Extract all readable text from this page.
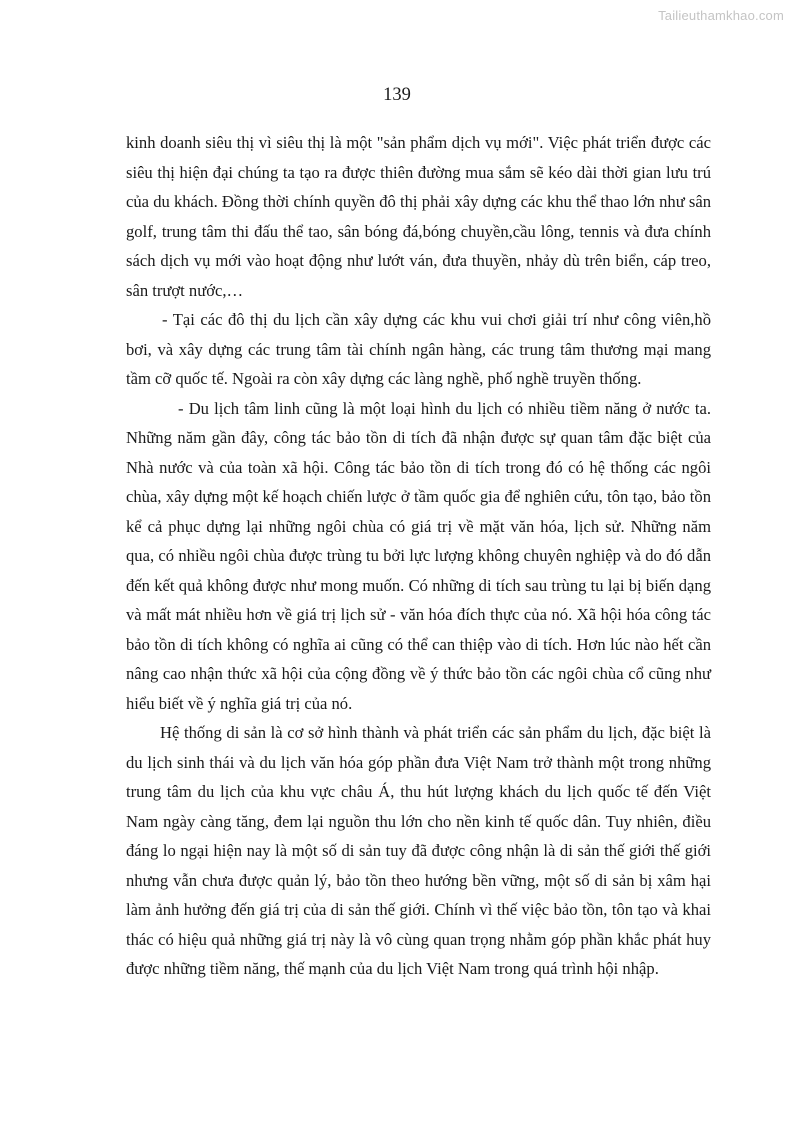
Tailieuthamkhao.com
139

kinh doanh siêu thị vì siêu thị là một "sản phẩm dịch vụ mới". Việc phát triển được các siêu thị hiện đại chúng ta tạo ra được thiên đường mua sắm sẽ kéo dài thời gian lưu trú của du khách. Đồng thời chính quyền đô thị phải xây dựng các khu thể thao lớn như sân golf, trung tâm thi đấu thể tao, sân bóng đá,bóng chuyền,cầu lông, tennis và đưa chính sách dịch vụ mới vào hoạt động như lướt ván, đưa thuyền, nhảy dù trên biển, cáp treo, sân trượt nước,…

- Tại các đô thị du lịch cần xây dựng các khu vui chơi giải trí như công viên,hồ bơi, và xây dựng các trung tâm tài chính ngân hàng, các trung tâm thương mại mang tầm cỡ quốc tế. Ngoài ra còn xây dựng các làng nghề, phố nghề truyền thống.

- Du lịch tâm linh cũng là một loại hình du lịch có nhiều tiềm năng ở nước ta. Những năm gần đây, công tác bảo tồn di tích đã nhận được sự quan tâm đặc biệt của Nhà nước và của toàn xã hội. Công tác bảo tồn di tích trong đó có hệ thống các ngôi chùa, xây dựng một kế hoạch chiến lược ở tầm quốc gia để nghiên cứu, tôn tạo, bảo tồn kể cả phục dựng lại những ngôi chùa có giá trị về mặt văn hóa, lịch sử. Những năm qua, có nhiều ngôi chùa được trùng tu bởi lực lượng không chuyên nghiệp và do đó dẫn đến kết quả không được như mong muốn. Có những di tích sau trùng tu lại bị biến dạng và mất mát nhiều hơn về giá trị lịch sử - văn hóa đích thực của nó. Xã hội hóa công tác bảo tồn di tích không có nghĩa ai cũng có thể can thiệp vào di tích. Hơn lúc nào hết cần nâng cao nhận thức xã hội của cộng đồng về ý thức bảo tồn các ngôi chùa cổ cũng như hiểu biết về ý nghĩa giá trị của nó.

Hệ thống di sản là cơ sở hình thành và phát triển các sản phẩm du lịch, đặc biệt là du lịch sinh thái và du lịch văn hóa góp phần đưa Việt Nam trở thành một trong những trung tâm du lịch của khu vực châu Á, thu hút lượng khách du lịch quốc tế đến Việt Nam ngày càng tăng, đem lại nguồn thu lớn cho nền kinh tế quốc dân. Tuy nhiên, điều đáng lo ngại hiện nay là một số di sản tuy đã được công nhận là di sản thế giới thế giới nhưng vẫn chưa được quản lý, bảo tồn theo hướng bền vững, một số di sản bị xâm hại làm ảnh hưởng đến giá trị của di sản thế giới. Chính vì thế việc bảo tồn, tôn tạo và khai thác có hiệu quả những giá trị này là vô cùng quan trọng nhằm góp phần khắc phát huy được những tiềm năng, thế mạnh của du lịch Việt Nam trong quá trình hội nhập.
